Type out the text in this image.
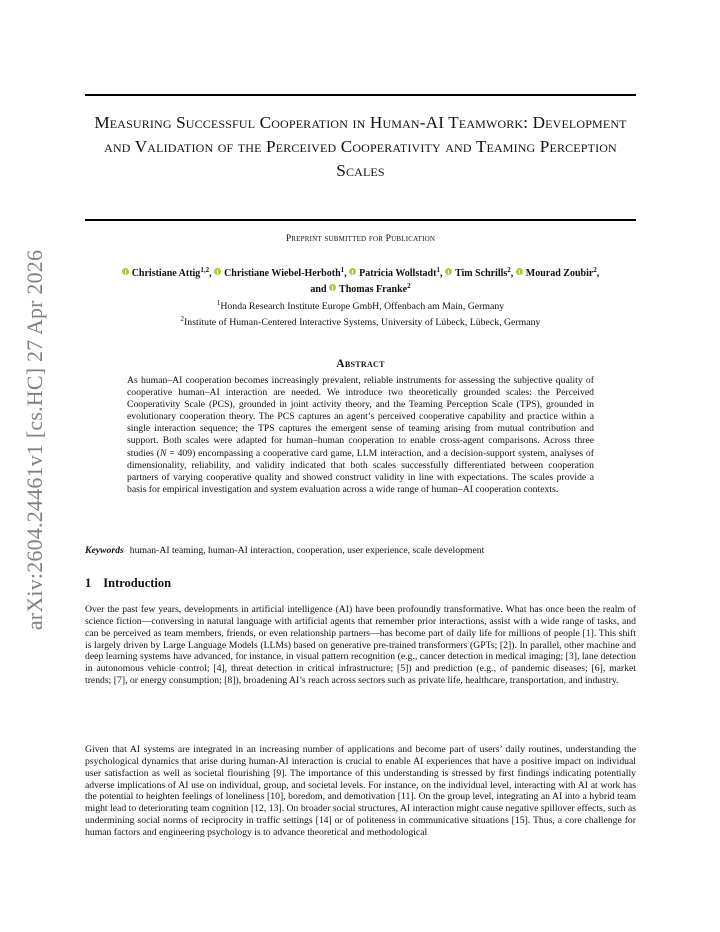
arXiv:2604.24461v1 [cs.HC] 27 Apr 2026
Measuring Successful Cooperation in Human-AI Teamwork: Development and Validation of the Perceived Cooperativity and Teaming Perception Scales
Preprint submitted for Publication
Christiane Attig$^{1,2}$, Christiane Wiebel-Herboth$^1$, Patricia Wollstadt$^1$, Tim Schrills$^2$, Mourad Zoubir$^2$,
and Thomas Franke$^2$
$^1$Honda Research Institute Europe GmbH, Offenbach am Main, Germany
$^2$Institute of Human-Centered Interactive Systems, University of Lübeck, Lübeck, Germany
Abstract

As human–AI cooperation becomes increasingly prevalent, reliable instruments for assessing the subjective quality of cooperative human–AI interaction are needed. We introduce two theoretically grounded scales: the Perceived Cooperativity Scale (PCS), grounded in joint activity theory, and the Teaming Perception Scale (TPS), grounded in evolutionary cooperation theory. The PCS captures an agent’s perceived cooperative capability and practice within a single interaction sequence; the TPS captures the emergent sense of teaming arising from mutual contribution and support. Both scales were adapted for human–human cooperation to enable cross-agent comparisons. Across three studies (N = 409) encompassing a cooperative card game, LLM interaction, and a decision-support system, analyses of dimensionality, reliability, and validity indicated that both scales successfully differentiated between cooperation partners of varying cooperative quality and showed construct validity in line with expectations. The scales provide a basis for empirical investigation and system evaluation across a wide range of human–AI cooperation contexts.

Keywords human-AI teaming, human-AI interaction, cooperation, user experience, scale development
1 Introduction

Over the past few years, developments in artificial intelligence (AI) have been profoundly transformative. What has once been the realm of science fiction—conversing in natural language with artificial agents that remember prior interactions, assist with a wide range of tasks, and can be perceived as team members, friends, or even relationship partners—has become part of daily life for millions of people [1]. This shift is largely driven by Large Language Models (LLMs) based on generative pre-trained transformers (GPTs; [2]). In parallel, other machine and deep learning systems have advanced, for instance, in visual pattern recognition (e.g., cancer detection in medical imaging; [3], lane detection in autonomous vehicle control; [4], threat detection in critical infrastructure; [5]) and prediction (e.g., of pandemic diseases; [6], market trends; [7], or energy consumption; [8]), broadening AI’s reach across sectors such as private life, healthcare, transportation, and industry.

Given that AI systems are integrated in an increasing number of applications and become part of users’ daily routines, understanding the psychological dynamics that arise during human-AI interaction is crucial to enable AI experiences that have a positive impact on individual user satisfaction as well as societal flourishing [9]. The importance of this understanding is stressed by first findings indicating potentially adverse implications of AI use on individual, group, and societal levels. For instance, on the individual level, interacting with AI at work has the potential to heighten feelings of loneliness [10], boredom, and demotivation [11]. On the group level, integrating an AI into a hybrid team might lead to deteriorating team cognition [12, 13]. On broader social structures, AI interaction might cause negative spillover effects, such as undermining social norms of reciprocity in traffic settings [14] or of politeness in communicative situations [15]. Thus, a core challenge for human factors and engineering psychology is to advance theoretical and methodological
